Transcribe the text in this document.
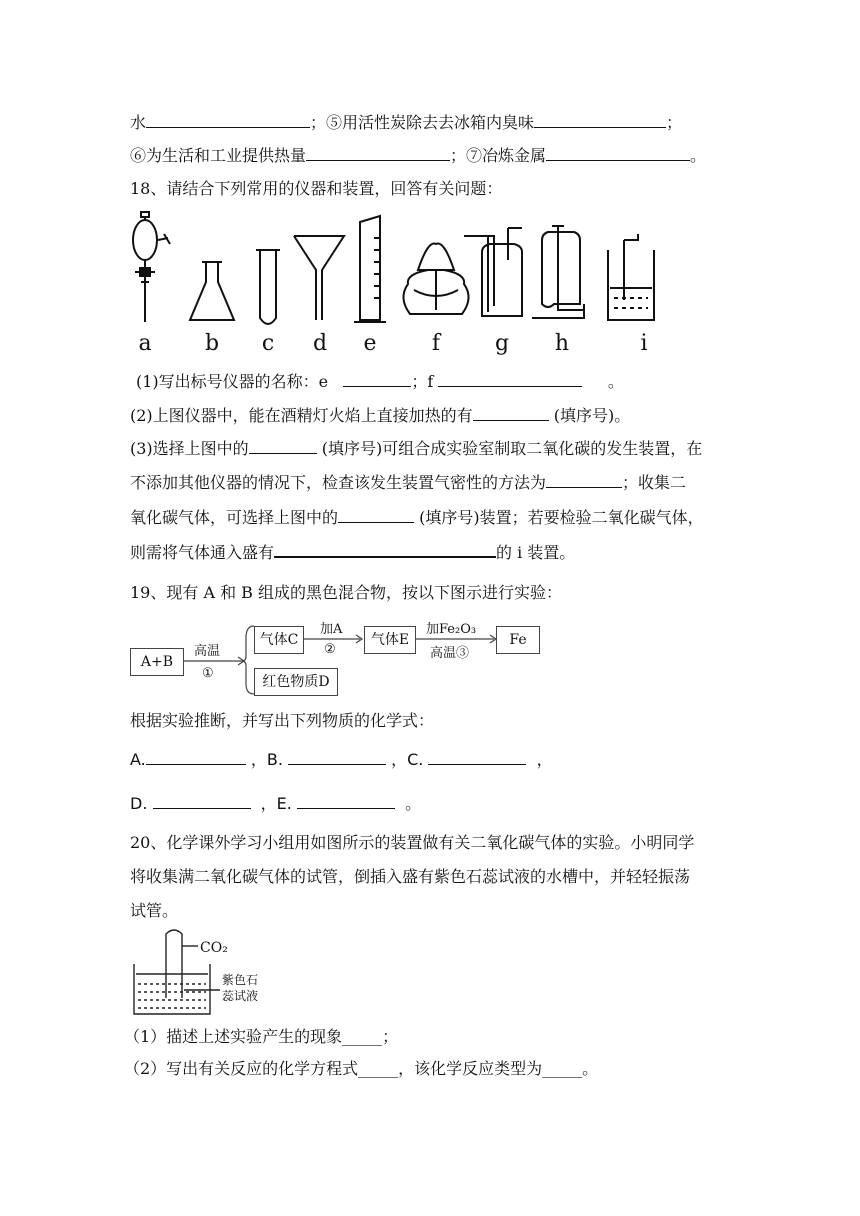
水	；⑤用活性炭除去去冰箱内臭味	；
⑥为生活和工业提供热量	；⑦冶炼金属	。
18、请结合下列常用的仪器和装置，回答有关问题：
a b c d e	f g h	i
(1)写出标号仪器的名称：e	；f	。
(2)上图仪器中，能在酒精灯火焰上直接加热的有	(填序号)。
(3)选择上图中的	(填序号)可组合成实验室制取二氧化碳的发生装置，在
不添加其他仪器的情况下，检查该发生装置气密性的方法为	；收集二
氧化碳气体，可选择上图中的	(填序号)装置；若要检验二氧化碳气体，
则需将气体通入盛有	的 i 装置。
19、现有 A 和 B 组成的黑色混合物，按以下图示进行实验：
A+B
高温
①
气体C
加A
②
气体E
加Fe₂O₃
高温③
Fe
红色物质D
根据实验推断，并写出下列物质的化学式：
A.	，B.	，C.	，
D.	，E.	。
20、化学课外学习小组用如图所示的装置做有关二氧化碳气体的实验。小明同学
将收集满二氧化碳气体的试管，倒插入盛有紫色石蕊试液的水槽中，并轻轻振荡
试管。
CO₂
紫色石
蕊试液
（1）描述上述实验产生的现象_____；
（2）写出有关反应的化学方程式_____，该化学反应类型为_____。
